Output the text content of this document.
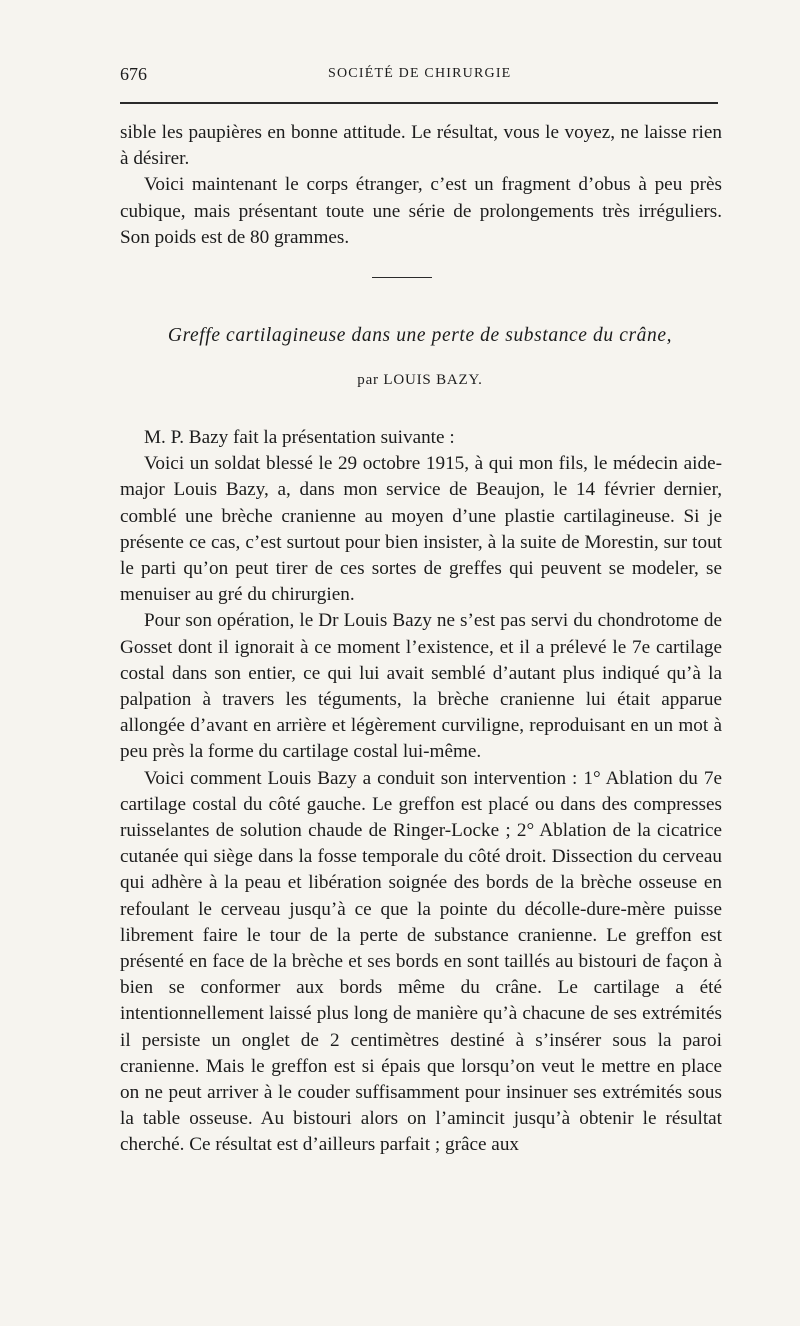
676	SOCIÉTÉ DE CHIRURGIE

sible les paupières en bonne attitude. Le résultat, vous le voyez, ne laisse rien à désirer.

Voici maintenant le corps étranger, c’est un fragment d’obus à peu près cubique, mais présentant toute une série de prolongements très irréguliers. Son poids est de 80 grammes.

Greffe cartilagineuse dans une perte de substance du crâne,
par LOUIS BAZY.

M. P. Bazy fait la présentation suivante :

Voici un soldat blessé le 29 octobre 1915, à qui mon fils, le médecin aide-major Louis Bazy, a, dans mon service de Beaujon, le 14 février dernier, comblé une brèche cranienne au moyen d’une plastie cartilagineuse. Si je présente ce cas, c’est surtout pour bien insister, à la suite de Morestin, sur tout le parti qu’on peut tirer de ces sortes de greffes qui peuvent se modeler, se menuiser au gré du chirurgien.

Pour son opération, le Dr Louis Bazy ne s’est pas servi du chondrotome de Gosset dont il ignorait à ce moment l’existence, et il a prélevé le 7e cartilage costal dans son entier, ce qui lui avait semblé d’autant plus indiqué qu’à la palpation à travers les téguments, la brèche cranienne lui était apparue allongée d’avant en arrière et légèrement curviligne, reproduisant en un mot à peu près la forme du cartilage costal lui-même.

Voici comment Louis Bazy a conduit son intervention : 1° Ablation du 7e cartilage costal du côté gauche. Le greffon est placé ou dans des compresses ruisselantes de solution chaude de Ringer-Locke ; 2° Ablation de la cicatrice cutanée qui siège dans la fosse temporale du côté droit. Dissection du cerveau qui adhère à la peau et libération soignée des bords de la brèche osseuse en refoulant le cerveau jusqu’à ce que la pointe du décolle-dure-mère puisse librement faire le tour de la perte de substance cranienne. Le greffon est présenté en face de la brèche et ses bords en sont taillés au bistouri de façon à bien se conformer aux bords même du crâne. Le cartilage a été intentionnellement laissé plus long de manière qu’à chacune de ses extrémités il persiste un onglet de 2 centimètres destiné à s’insérer sous la paroi cranienne. Mais le greffon est si épais que lorsqu’on veut le mettre en place on ne peut arriver à le couder suffisamment pour insinuer ses extrémités sous la table osseuse. Au bistouri alors on l’amincit jusqu’à obtenir le résultat cherché. Ce résultat est d’ailleurs parfait ; grâce aux
